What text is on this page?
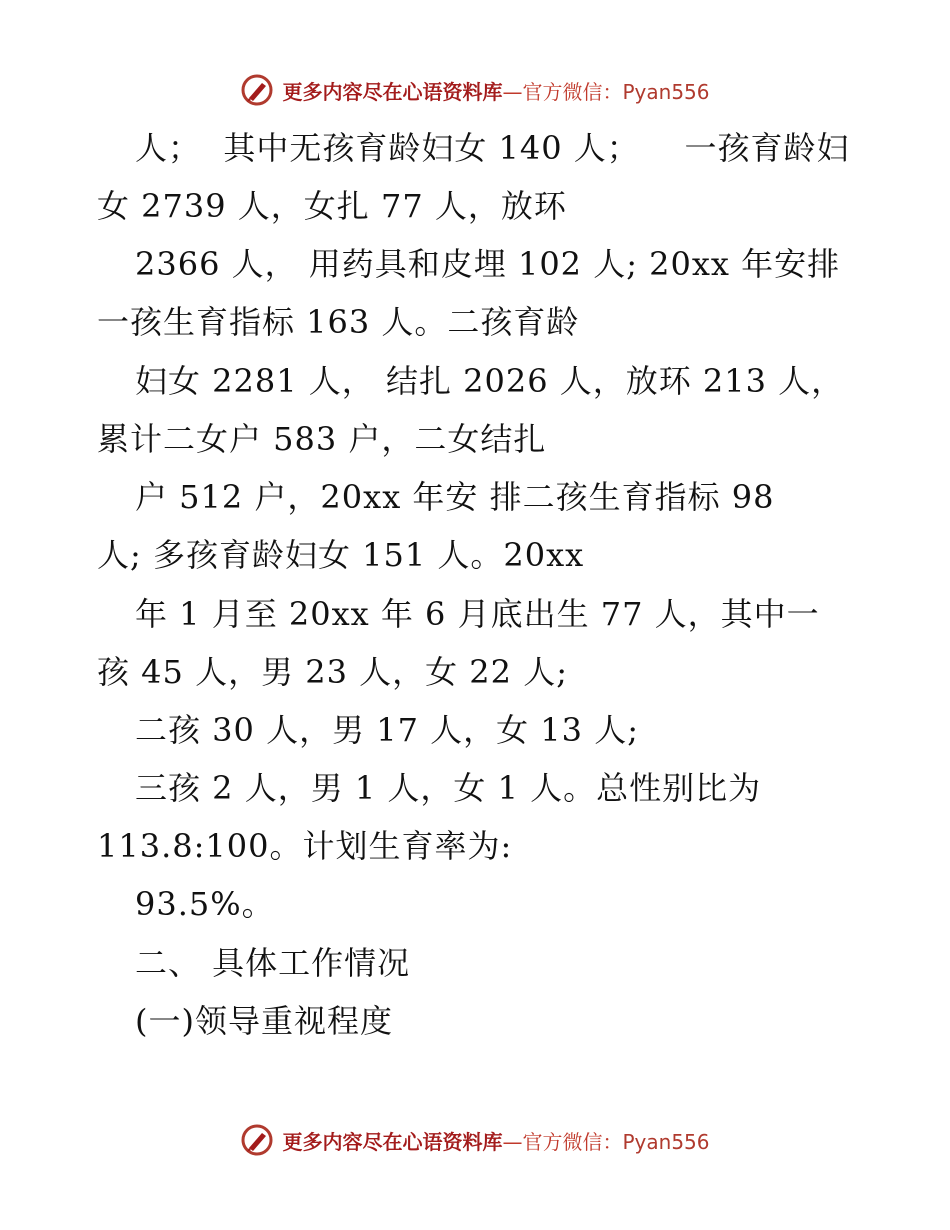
更多内容尽在心语资料库—官方微信：Pyan556
人；  其中无孩育龄妇女 140 人；    一孩育龄妇
女 2739 人，女扎 77 人，放环
2366 人， 用药具和皮埋 102 人; 20xx 年安排
一孩生育指标 163 人。二孩育龄
妇女 2281 人， 结扎 2026 人，放环 213 人，
累计二女户 583 户，二女结扎
户 512 户，20xx 年安 排二孩生育指标 98
人; 多孩育龄妇女 151 人。20xx
年 1 月至 20xx 年 6 月底出生 77 人，其中一
孩 45 人，男 23 人，女 22 人;
二孩 30 人，男 17 人，女 13 人;
三孩 2 人，男 1 人，女 1 人。总性别比为
113.8:100。计划生育率为:
93.5%。
二、 具体工作情况
(一)领导重视程度
更多内容尽在心语资料库—官方微信：Pyan556
